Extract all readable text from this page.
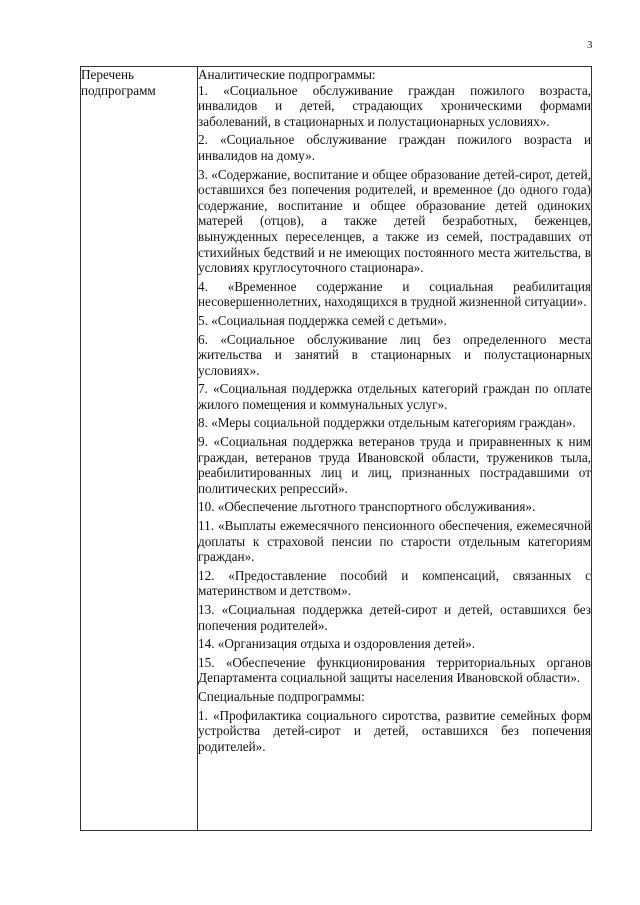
3
Перечень подпрограмм

Аналитические подпрограммы:

1. «Социальное обслуживание граждан пожилого возраста, инвалидов и детей, страдающих хроническими формами заболеваний, в стационарных и полустационарных условиях».

2. «Социальное обслуживание граждан пожилого возраста и инвалидов на дому».

3. «Содержание, воспитание и общее образование детей-сирот, детей, оставшихся без попечения родителей, и временное (до одного года) содержание, воспитание и общее образование детей одиноких матерей (отцов), а также детей безработных, беженцев, вынужденных переселенцев, а также из семей, пострадавших от стихийных бедствий и не имеющих постоянного места жительства, в условиях круглосуточного стационара».

4. «Временное содержание и социальная реабилитация несовершеннолетних, находящихся в трудной жизненной ситуации».

5. «Социальная поддержка семей с детьми».

6. «Социальное обслуживание лиц без определенного места жительства и занятий в стационарных и полустационарных условиях».

7. «Социальная поддержка отдельных категорий граждан по оплате жилого помещения и коммунальных услуг».

8. «Меры социальной поддержки отдельным категориям граждан».

9. «Социальная поддержка ветеранов труда и приравненных к ним граждан, ветеранов труда Ивановской области, тружеников тыла, реабилитированных лиц и лиц, признанных пострадавшими от политических репрессий».

10. «Обеспечение льготного транспортного обслуживания».

11. «Выплаты ежемесячного пенсионного обеспечения, ежемесячной доплаты к страховой пенсии по старости отдельным категориям граждан».

12. «Предоставление пособий и компенсаций, связанных с материнством и детством».

13. «Социальная поддержка детей-сирот и детей, оставшихся без попечения родителей».

14. «Организация отдыха и оздоровления детей».

15. «Обеспечение функционирования территориальных органов Департамента социальной защиты населения Ивановской области».

Специальные подпрограммы:

1. «Профилактика социального сиротства, развитие семейных форм устройства детей-сирот и детей, оставшихся без попечения родителей».
